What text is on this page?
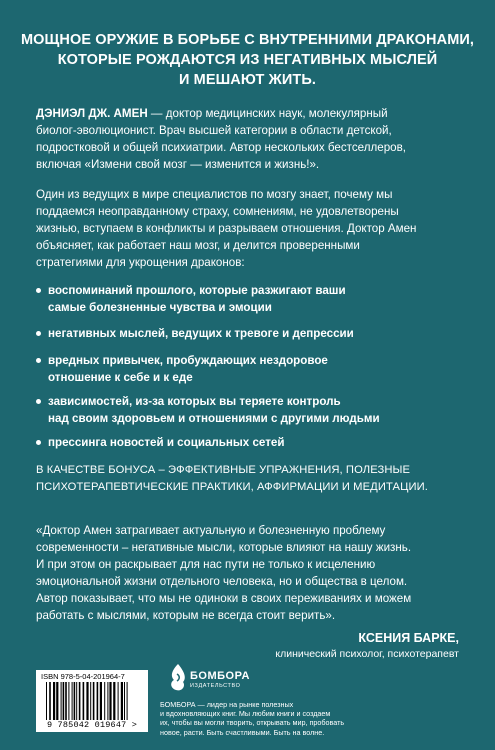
МОЩНОЕ ОРУЖИЕ В БОРЬБЕ С ВНУТРЕННИМИ ДРАКОНАМИ,
КОТОРЫЕ РОЖДАЮТСЯ ИЗ НЕГАТИВНЫХ МЫСЛЕЙ
И МЕШАЮТ ЖИТЬ.
ДЭНИЭЛ ДЖ. АМЕН — доктор медицинских наук, молекулярный
биолог-эволюционист. Врач высшей категории в области детской,
подростковой и общей психиатрии. Автор нескольких бестселлеров,
включая «Измени свой мозг — изменится и жизнь!».
Один из ведущих в мире специалистов по мозгу знает, почему мы
поддаемся неоправданному страху, сомнениям, не удовлетворены
жизнью, вступаем в конфликты и разрываем отношения. Доктор Амен
объясняет, как работает наш мозг, и делится проверенными
стратегиями для укрощения драконов:
воспоминаний прошлого, которые разжигают ваши
самые болезненные чувства и эмоции
негативных мыслей, ведущих к тревоге и депрессии
вредных привычек, пробуждающих нездоровое
отношение к себе и к еде
зависимостей, из-за которых вы теряете контроль
над своим здоровьем и отношениями с другими людьми
прессинга новостей и социальных сетей
В КАЧЕСТВЕ БОНУСА – ЭФФЕКТИВНЫЕ УПРАЖНЕНИЯ, ПОЛЕЗНЫЕ
ПСИХОТЕРАПЕВТИЧЕСКИЕ ПРАКТИКИ, АФФИРМАЦИИ И МЕДИТАЦИИ.
«Доктор Амен затрагивает актуальную и болезненную проблему
современности – негативные мысли, которые влияют на нашу жизнь.
И при этом он раскрывает для нас пути не только к исцелению
эмоциональной жизни отдельного человека, но и общества в целом.
Автор показывает, что мы не одиноки в своих переживаниях и можем
работать с мыслями, которым не всегда стоит верить».
КСЕНИЯ БАРКЕ,
клинический психолог, психотерапевт
ISBN 978-5-04-201964-7
9 785042 019647 >
БОМБОРА
ИЗДАТЕЛЬСТВО
БОМБОРА — лидер на рынке полезных
и вдохновляющих книг. Мы любим книги и создаем
их, чтобы вы могли творить, открывать мир, пробовать
новое, расти. Быть счастливыми. Быть на волне.
